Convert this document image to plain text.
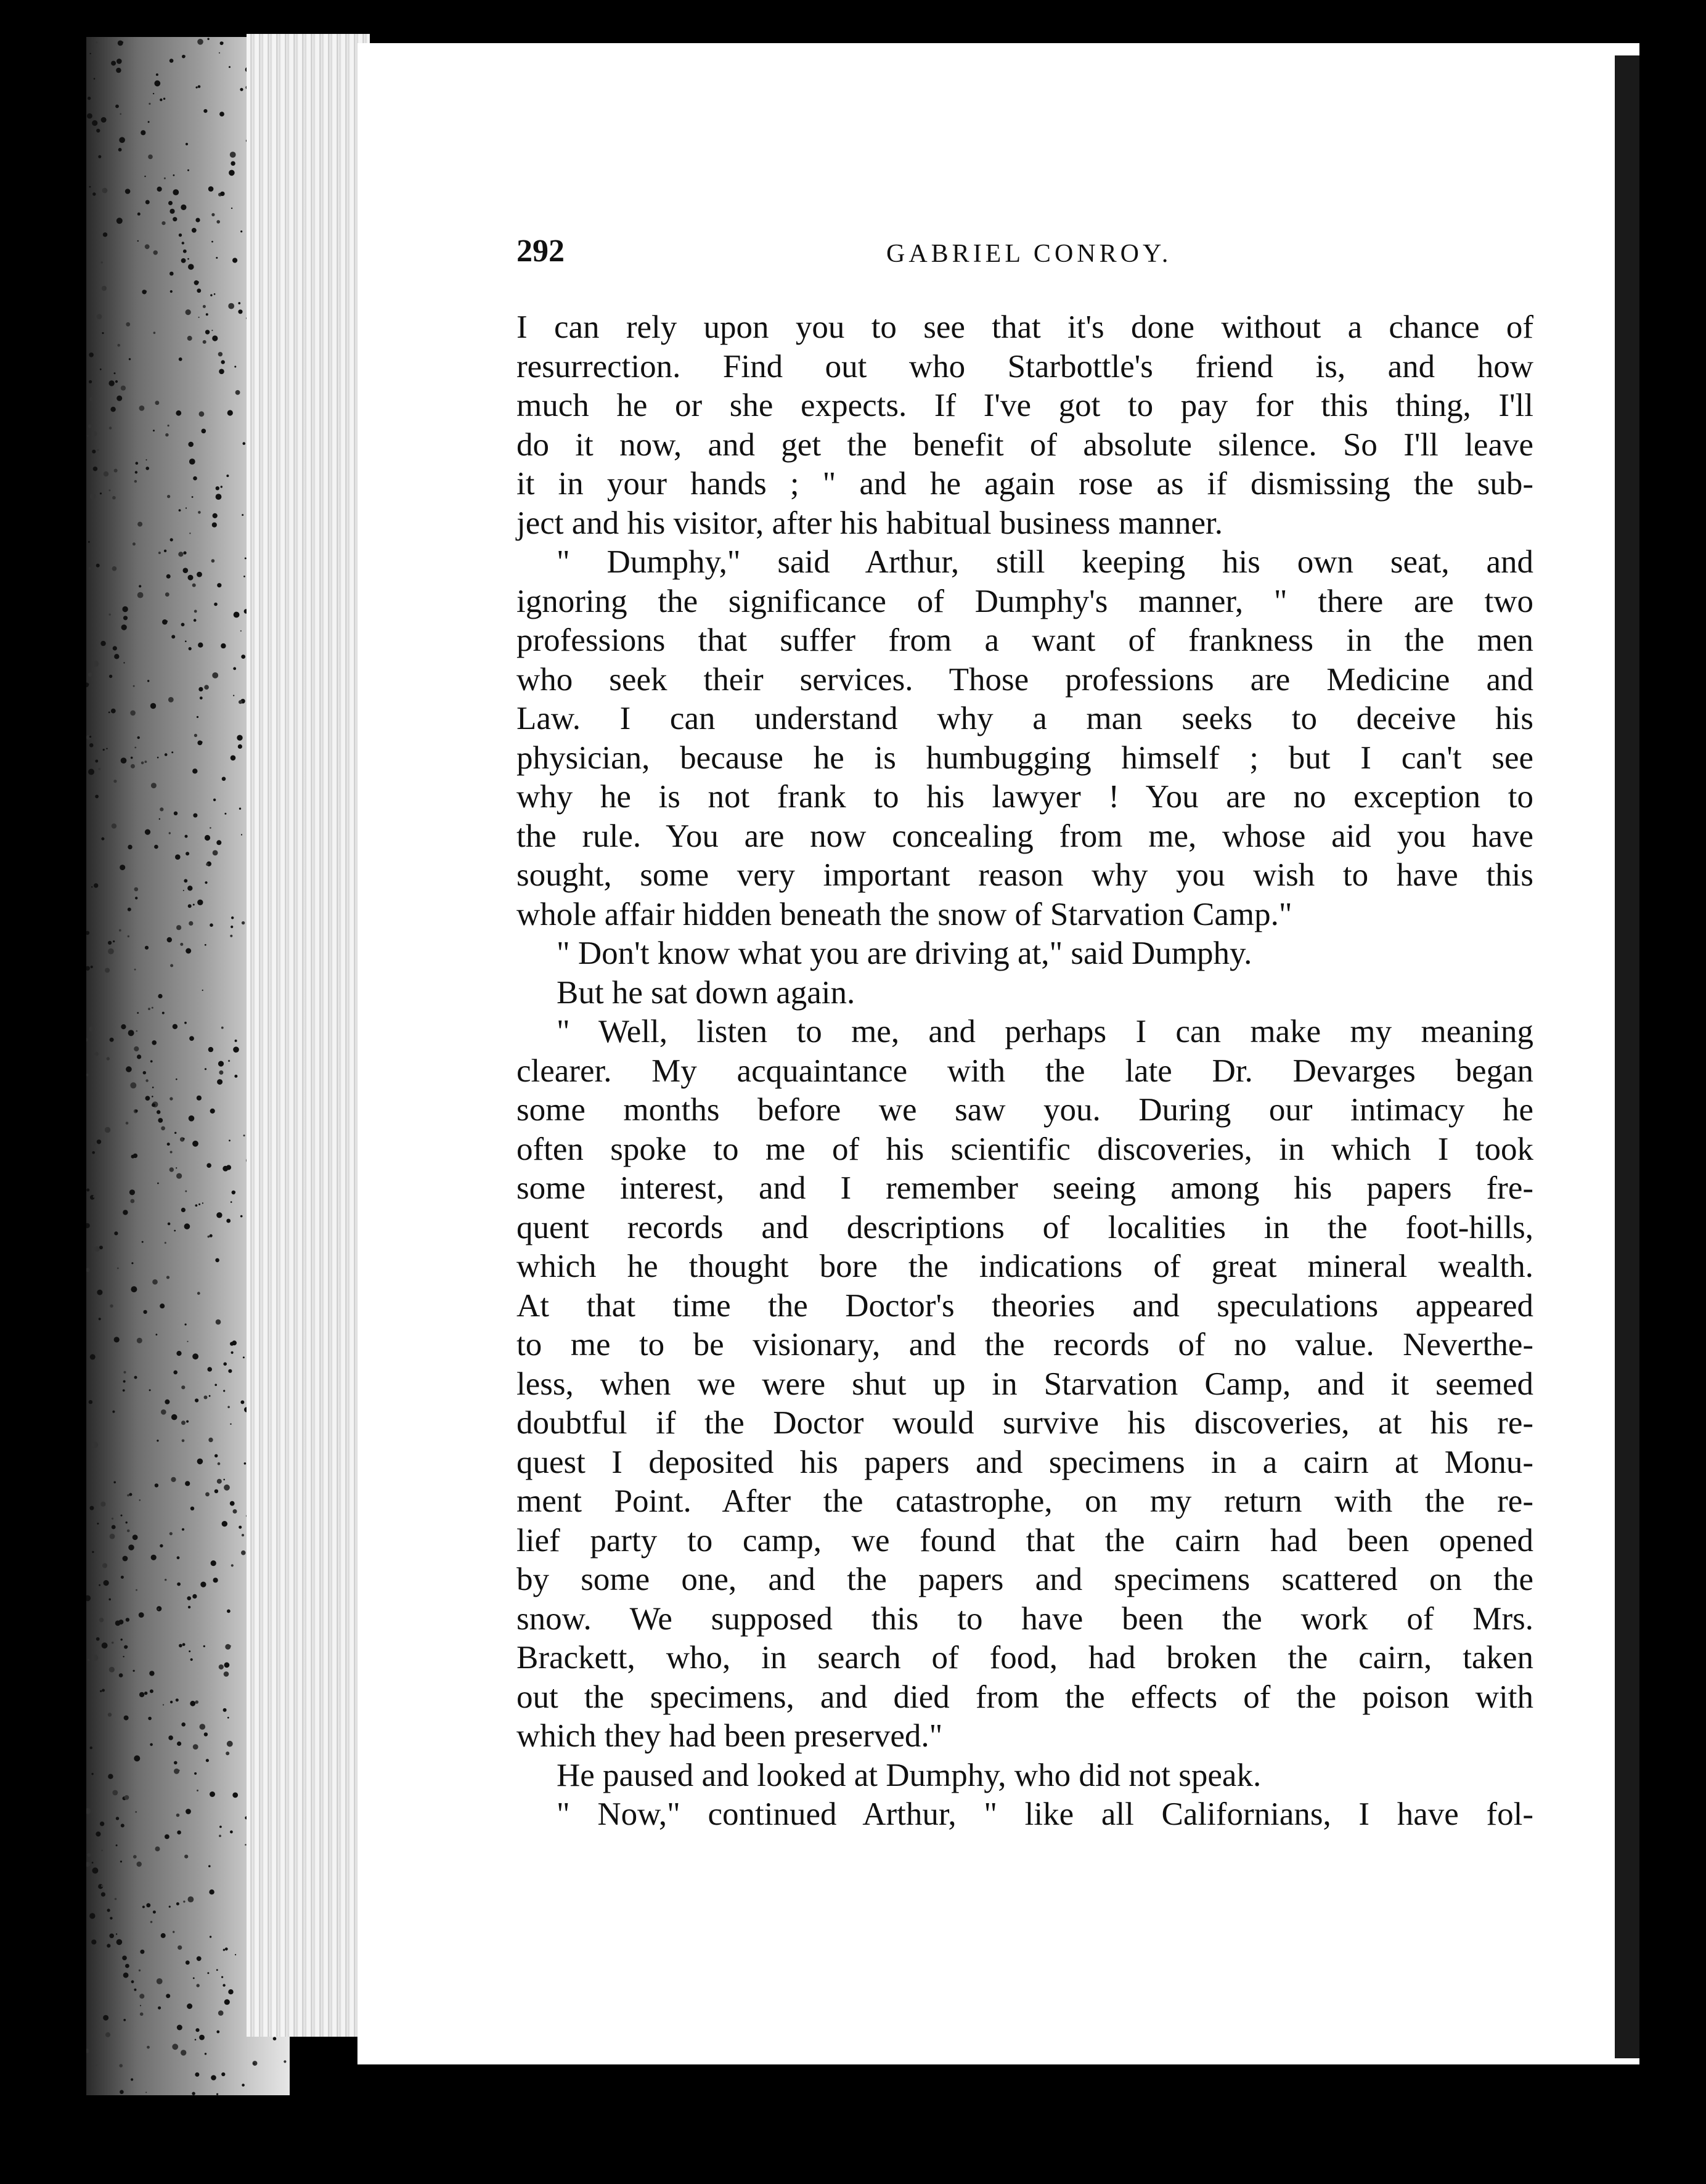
292	GABRIEL CONROY.
I can rely upon you to see that it's done without a chance of
resurrection. Find out who Starbottle's friend is, and how
much he or she expects. If I've got to pay for this thing, I'll
do it now, and get the benefit of absolute silence. So I'll leave
it in your hands ; " and he again rose as if dismissing the sub-
ject and his visitor, after his habitual business manner.
" Dumphy," said Arthur, still keeping his own seat, and
ignoring the significance of Dumphy's manner, " there are two
professions that suffer from a want of frankness in the men
who seek their services. Those professions are Medicine and
Law. I can understand why a man seeks to deceive his
physician, because he is humbugging himself ; but I can't see
why he is not frank to his lawyer ! You are no exception to
the rule. You are now concealing from me, whose aid you have
sought, some very important reason why you wish to have this
whole affair hidden beneath the snow of Starvation Camp."
" Don't know what you are driving at," said Dumphy.
But he sat down again.
" Well, listen to me, and perhaps I can make my meaning
clearer. My acquaintance with the late Dr. Devarges began
some months before we saw you. During our intimacy he
often spoke to me of his scientific discoveries, in which I took
some interest, and I remember seeing among his papers fre-
quent records and descriptions of localities in the foot-hills,
which he thought bore the indications of great mineral wealth.
At that time the Doctor's theories and speculations appeared
to me to be visionary, and the records of no value. Neverthe-
less, when we were shut up in Starvation Camp, and it seemed
doubtful if the Doctor would survive his discoveries, at his re-
quest I deposited his papers and specimens in a cairn at Monu-
ment Point. After the catastrophe, on my return with the re-
lief party to camp, we found that the cairn had been opened
by some one, and the papers and specimens scattered on the
snow. We supposed this to have been the work of Mrs.
Brackett, who, in search of food, had broken the cairn, taken
out the specimens, and died from the effects of the poison with
which they had been preserved."
He paused and looked at Dumphy, who did not speak.
" Now," continued Arthur, " like all Californians, I have fol-
